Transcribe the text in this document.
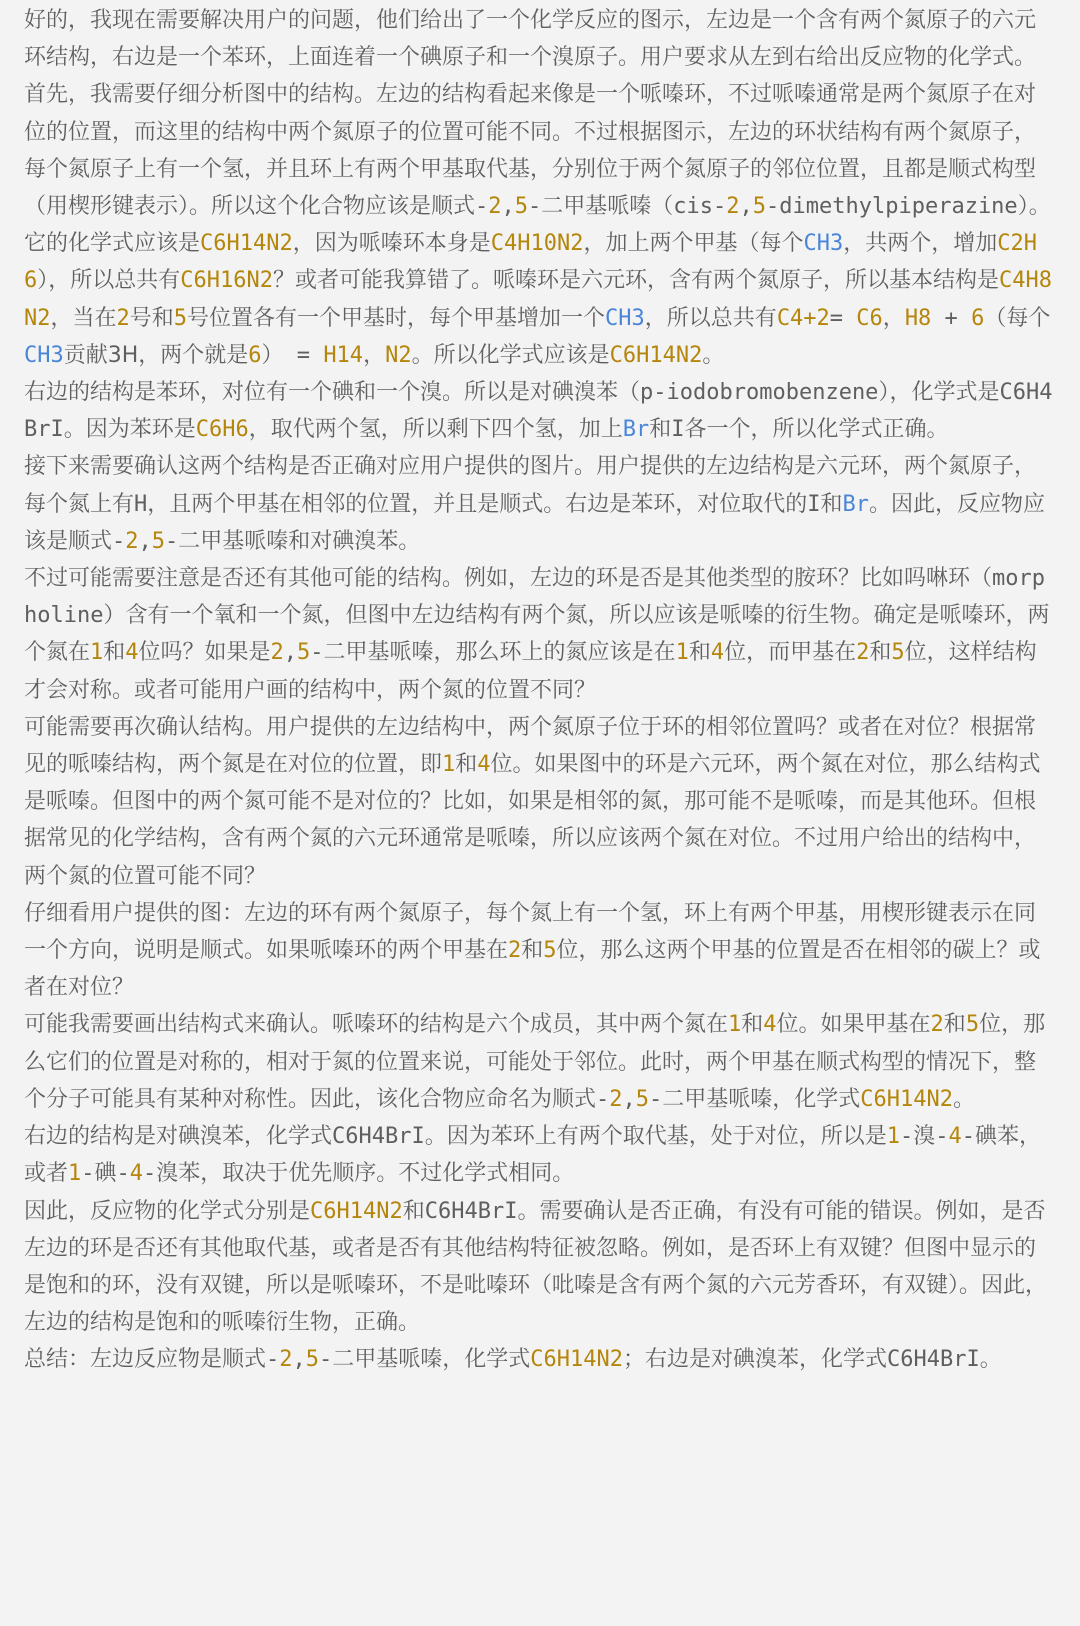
好的，我现在需要解决用户的问题，他们给出了一个化学反应的图示，左边是一个含有两个氮原子的六元环结构，右边是一个苯环，上面连着一个碘原子和一个溴原子。用户要求从左到右给出反应物的化学式。

首先，我需要仔细分析图中的结构。左边的结构看起来像是一个哌嗪环，不过哌嗪通常是两个氮原子在对位的位置，而这里的结构中两个氮原子的位置可能不同。不过根据图示，左边的环状结构有两个氮原子，每个氮原子上有一个氢，并且环上有两个甲基取代基，分别位于两个氮原子的邻位位置，且都是顺式构型（用楔形键表示）。所以这个化合物应该是顺式-2,5-二甲基哌嗪（cis-2,5-dimethylpiperazine）。它的化学式应该是C6H14N2，因为哌嗪环本身是C4H10N2，加上两个甲基（每个CH3，共两个，增加C2H6），所以总共有C6H16N2？或者可能我算错了。哌嗪环是六元环，含有两个氮原子，所以基本结构是C4H8N2，当在2号和5号位置各有一个甲基时，每个甲基增加一个CH3，所以总共有C4+2= C6，H8 + 6（每个CH3贡献3H，两个就是6） = H14，N2。所以化学式应该是C6H14N2。

右边的结构是苯环，对位有一个碘和一个溴。所以是对碘溴苯（p-iodobromobenzene），化学式是C6H4BrI。因为苯环是C6H6，取代两个氢，所以剩下四个氢，加上Br和I各一个，所以化学式正确。

接下来需要确认这两个结构是否正确对应用户提供的图片。用户提供的左边结构是六元环，两个氮原子，每个氮上有H，且两个甲基在相邻的位置，并且是顺式。右边是苯环，对位取代的I和Br。因此，反应物应该是顺式-2,5-二甲基哌嗪和对碘溴苯。

不过可能需要注意是否还有其他可能的结构。例如，左边的环是否是其他类型的胺环？比如吗啉环（morpholine）含有一个氧和一个氮，但图中左边结构有两个氮，所以应该是哌嗪的衍生物。确定是哌嗪环，两个氮在1和4位吗？如果是2,5-二甲基哌嗪，那么环上的氮应该是在1和4位，而甲基在2和5位，这样结构才会对称。或者可能用户画的结构中，两个氮的位置不同？

可能需要再次确认结构。用户提供的左边结构中，两个氮原子位于环的相邻位置吗？或者在对位？根据常见的哌嗪结构，两个氮是在对位的位置，即1和4位。如果图中的环是六元环，两个氮在对位，那么结构式是哌嗪。但图中的两个氮可能不是对位的？比如，如果是相邻的氮，那可能不是哌嗪，而是其他环。但根据常见的化学结构，含有两个氮的六元环通常是哌嗪，所以应该两个氮在对位。不过用户给出的结构中，两个氮的位置可能不同？

仔细看用户提供的图：左边的环有两个氮原子，每个氮上有一个氢，环上有两个甲基，用楔形键表示在同一个方向，说明是顺式。如果哌嗪环的两个甲基在2和5位，那么这两个甲基的位置是否在相邻的碳上？或者在对位？

可能我需要画出结构式来确认。哌嗪环的结构是六个成员，其中两个氮在1和4位。如果甲基在2和5位，那么它们的位置是对称的，相对于氮的位置来说，可能处于邻位。此时，两个甲基在顺式构型的情况下，整个分子可能具有某种对称性。因此，该化合物应命名为顺式-2,5-二甲基哌嗪，化学式C6H14N2。

右边的结构是对碘溴苯，化学式C6H4BrI。因为苯环上有两个取代基，处于对位，所以是1-溴-4-碘苯，或者1-碘-4-溴苯，取决于优先顺序。不过化学式相同。

因此，反应物的化学式分别是C6H14N2和C6H4BrI。需要确认是否正确，有没有可能的错误。例如，是否左边的环是否还有其他取代基，或者是否有其他结构特征被忽略。例如，是否环上有双键？但图中显示的是饱和的环，没有双键，所以是哌嗪环，不是吡嗪环（吡嗪是含有两个氮的六元芳香环，有双键）。因此，左边的结构是饱和的哌嗪衍生物，正确。

总结：左边反应物是顺式-2,5-二甲基哌嗪，化学式C6H14N2；右边是对碘溴苯，化学式C6H4BrI。
